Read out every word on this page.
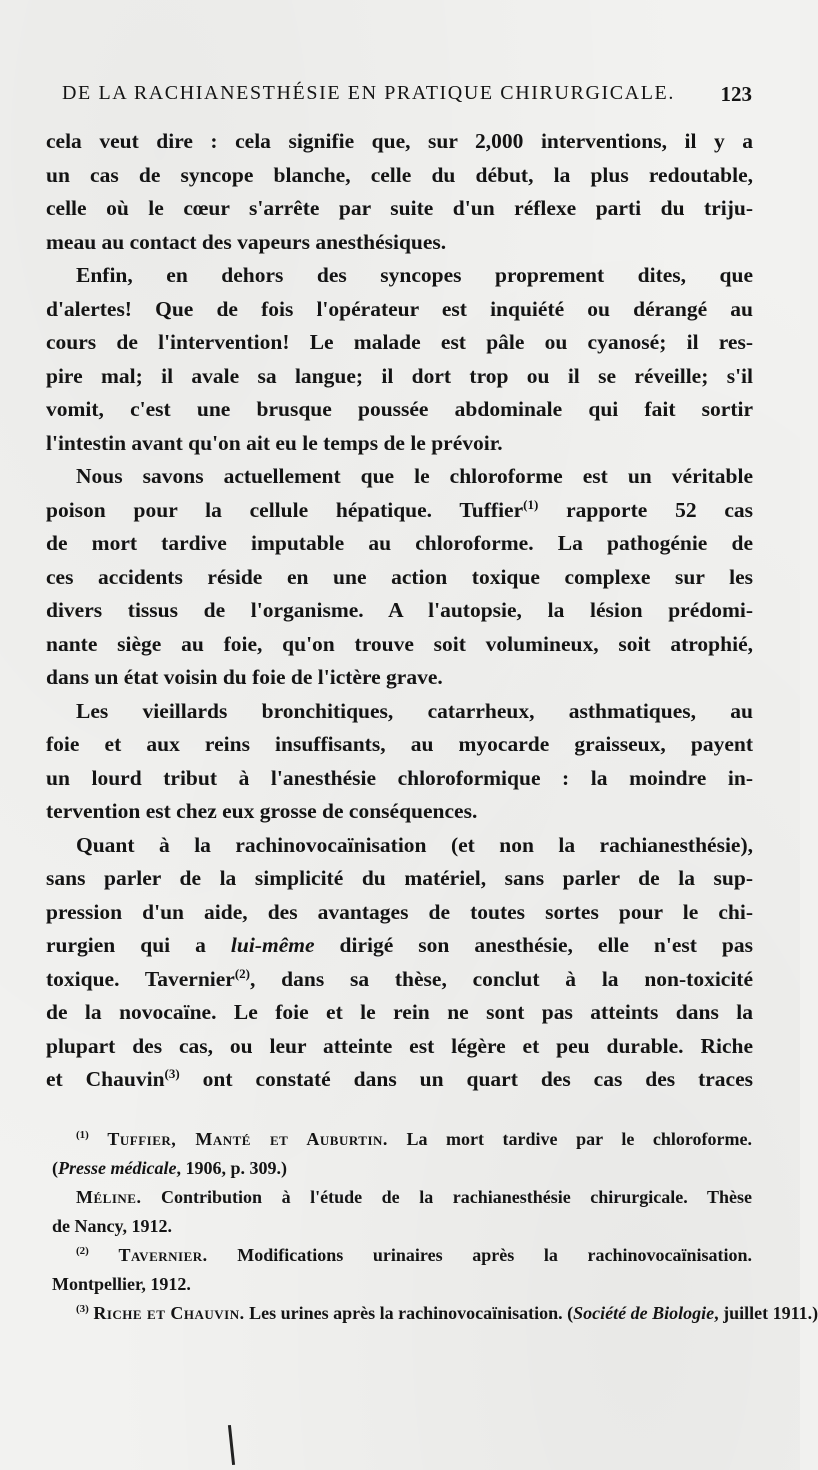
DE LA RACHIANESTHÉSIE EN PRATIQUE CHIRURGICALE. 123
cela veut dire : cela signifie que, sur 2,000 interventions, il y a
un cas de syncope blanche, celle du début, la plus redoutable,
celle où le cœur s'arrête par suite d'un réflexe parti du triju-
meau au contact des vapeurs anesthésiques.
Enfin, en dehors des syncopes proprement dites, que
d'alertes! Que de fois l'opérateur est inquiété ou dérangé au
cours de l'intervention! Le malade est pâle ou cyanosé; il res-
pire mal; il avale sa langue; il dort trop ou il se réveille; s'il
vomit, c'est une brusque poussée abdominale qui fait sortir
l'intestin avant qu'on ait eu le temps de le prévoir.
Nous savons actuellement que le chloroforme est un véritable
poison pour la cellule hépatique. Tuffier$^{(1)}$ rapporte 52 cas
de mort tardive imputable au chloroforme. La pathogénie de
ces accidents réside en une action toxique complexe sur les
divers tissus de l'organisme. A l'autopsie, la lésion prédomi-
nante siège au foie, qu'on trouve soit volumineux, soit atrophié,
dans un état voisin du foie de l'ictère grave.
Les vieillards bronchitiques, catarrheux, asthmatiques, au
foie et aux reins insuffisants, au myocarde graisseux, payent
un lourd tribut à l'anesthésie chloroformique : la moindre in-
tervention est chez eux grosse de conséquences.
Quant à la rachinovocaïnisation (et non la rachianesthésie),
sans parler de la simplicité du matériel, sans parler de la sup-
pression d'un aide, des avantages de toutes sortes pour le chi-
rurgien qui a lui-même dirigé son anesthésie, elle n'est pas
toxique. Tavernier$^{(2)}$, dans sa thèse, conclut à la non-toxicité
de la novocaïne. Le foie et le rein ne sont pas atteints dans la
plupart des cas, ou leur atteinte est légère et peu durable. Riche
et Chauvin$^{(3)}$ ont constaté dans un quart des cas des traces
$^{(1)}$ Tuffier, Manté et Auburtin. La mort tardive par le chloroforme.
(Presse médicale, 1906, p. 309.)
Méline. Contribution à l'étude de la rachianesthésie chirurgicale. Thèse
de Nancy, 1912.
$^{(2)}$ Tavernier. Modifications urinaires après la rachinovocaïnisation.
Montpellier, 1912.
$^{(3)}$ Riche et Chauvin. Les urines après la rachinovocaïnisation. (Société de Biologie, juillet 1911.)
